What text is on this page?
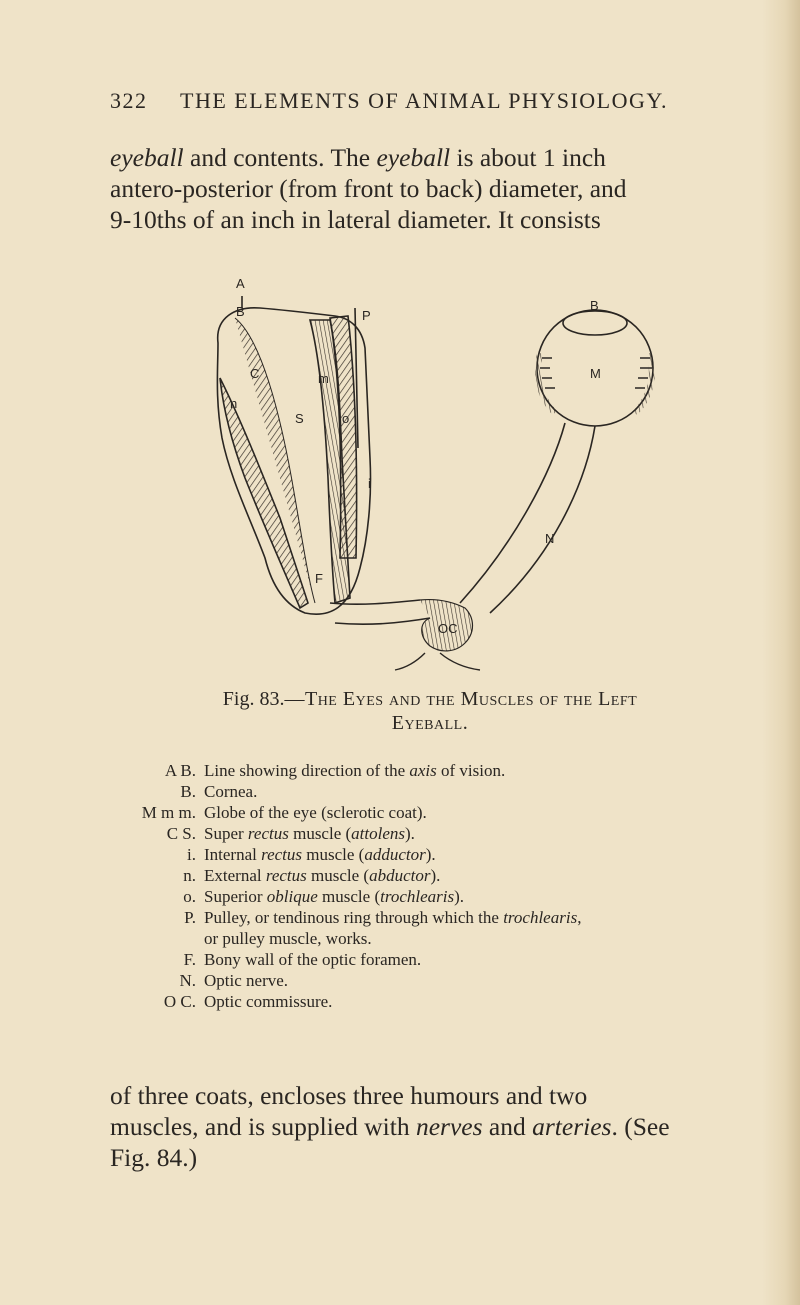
322 THE ELEMENTS OF ANIMAL PHYSIOLOGY.
eyeball and contents. The eyeball is about 1 inch
antero-posterior (from front to back) diameter, and
9-10ths of an inch in lateral diameter. It consists
A
B	P
B
M
C	m
n
S	o
i
N
F
OC
Fig. 83.—The Eyes and the Muscles of the Left
Eyeball.
A B. Line showing direction of the axis of vision.
B. Cornea.
M m m. Globe of the eye (sclerotic coat).
C S. Super rectus muscle (attolens).
i. Internal rectus muscle (adductor).
n. External rectus muscle (abductor).
o. Superior oblique muscle (trochlearis).
P. Pulley, or tendinous ring through which the trochlearis,
or pulley muscle, works.
F. Bony wall of the optic foramen.
N. Optic nerve.
O C. Optic commissure.
of three coats, encloses three humours and two
muscles, and is supplied with nerves and arteries. (See
Fig. 84.)
